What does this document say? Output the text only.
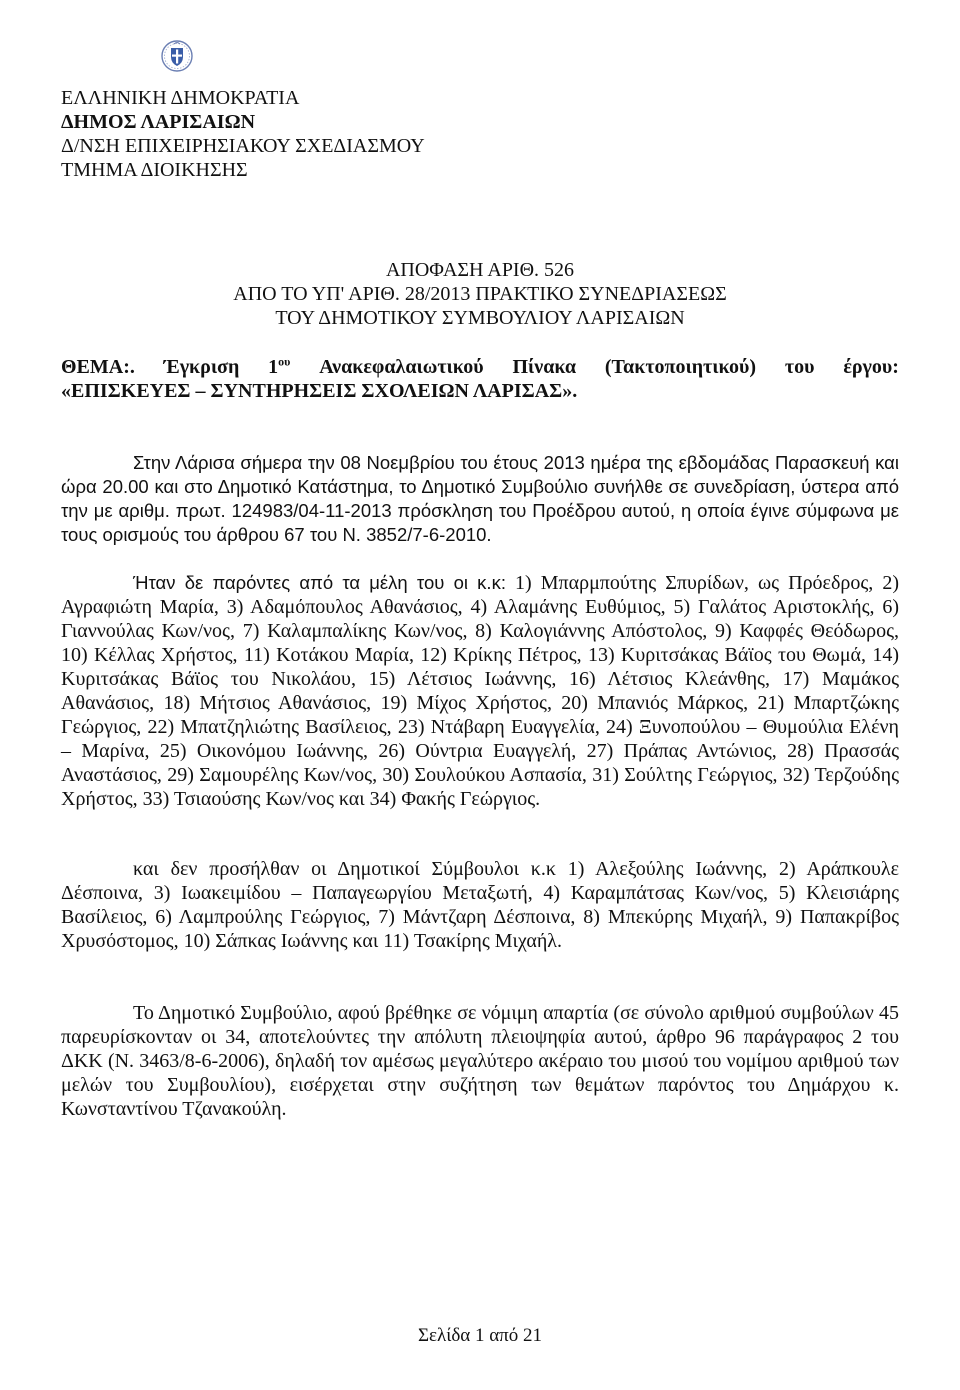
ΕΛΛΗΝΙΚΗ ΔΗΜΟΚΡΑΤΙΑ
ΔΗΜΟΣ ΛΑΡΙΣΑΙΩΝ
Δ/ΝΣΗ ΕΠΙΧΕΙΡΗΣΙΑΚΟΥ ΣΧΕΔΙΑΣΜΟΥ
ΤΜΗΜΑ ΔΙΟΙΚΗΣΗΣ
ΑΠΟΦΑΣΗ ΑΡΙΘ. 526
ΑΠΟ ΤΟ ΥΠ' ΑΡΙΘ. 28/2013 ΠΡΑΚΤΙΚΟ ΣΥΝΕΔΡΙΑΣΕΩΣ
ΤΟΥ ΔΗΜΟΤΙΚΟΥ ΣΥΜΒΟΥΛΙΟΥ ΛΑΡΙΣΑΙΩΝ
ΘΕΜΑ:. Έγκριση $1^{o\upsilon}$ Ανακεφαλαιωτικού Πίνακα (Τακτοποιητικού) του έργου:
«ΕΠΙΣΚΕΥΕΣ – ΣΥΝΤΗΡΗΣΕΙΣ ΣΧΟΛΕΙΩΝ ΛΑΡΙΣΑΣ».

Στην Λάρισα σήμερα την 08 Νοεμβρίου του έτους 2013 ημέρα της εβδομάδας Παρασκευή και ώρα 20.00 και στο Δημοτικό Κατάστημα, το Δημοτικό Συμβούλιο συνήλθε σε συνεδρίαση, ύστερα από την με αριθμ. πρωτ. 124983/04-11-2013 πρόσκληση του Προέδρου αυτού, η οποία έγινε σύμφωνα με τους ορισμούς του άρθρου 67 του Ν. 3852/7-6-2010.

Ήταν δε παρόντες από τα μέλη του οι κ.κ: 1) Μπαρμπούτης Σπυρίδων, ως Πρόεδρος, 2) Αγραφιώτη Μαρία, 3) Αδαμόπουλος Αθανάσιος, 4) Αλαμάνης Ευθύμιος, 5) Γαλάτος Αριστοκλής, 6) Γιαννούλας Κων/νος, 7) Καλαμπαλίκης Κων/νος, 8) Καλογιάννης Απόστολος, 9) Καφφές Θεόδωρος, 10) Κέλλας Χρήστος, 11) Κοτάκου Μαρία, 12) Κρίκης Πέτρος, 13) Κυριτσάκας Βάϊος του Θωμά, 14) Κυριτσάκας Βάϊος του Νικολάου, 15) Λέτσιος Ιωάννης, 16) Λέτσιος Κλεάνθης, 17) Μαμάκος Αθανάσιος, 18) Μήτσιος Αθανάσιος, 19) Μίχος Χρήστος, 20) Μπανιός Μάρκος, 21) Μπαρτζώκης Γεώργιος, 22) Μπατζηλιώτης Βασίλειος, 23) Ντάβαρη Ευαγγελία, 24) Ξυνοπούλου – Θυμούλια Ελένη – Μαρίνα, 25) Οικονόμου Ιωάννης, 26) Ούντρια Ευαγγελή, 27) Πράπας Αντώνιος, 28) Πρασσάς Αναστάσιος, 29) Σαμουρέλης Κων/νος, 30) Σουλούκου Ασπασία, 31) Σούλτης Γεώργιος, 32) Τερζούδης Χρήστος, 33) Τσιαούσης Κων/νος και 34) Φακής Γεώργιος.

και δεν προσήλθαν οι Δημοτικοί Σύμβουλοι κ.κ 1) Αλεξούλης Ιωάννης, 2) Αράπκουλε Δέσποινα, 3) Ιωακειμίδου – Παπαγεωργίου Μεταξωτή, 4) Καραμπάτσας Κων/νος, 5) Κλεισιάρης Βασίλειος, 6) Λαμπρούλης Γεώργιος, 7) Μάντζαρη Δέσποινα, 8) Μπεκύρης Μιχαήλ, 9) Παπακρίβος Χρυσόστομος, 10) Σάπκας Ιωάννης και 11) Τσακίρης Μιχαήλ.

Το Δημοτικό Συμβούλιο, αφού βρέθηκε σε νόμιμη απαρτία (σε σύνολο αριθμού συμβούλων 45 παρευρίσκονταν οι 34, αποτελούντες την απόλυτη πλειοψηφία αυτού, άρθρο 96 παράγραφος 2 του ΔΚΚ (Ν. 3463/8-6-2006), δηλαδή τον αμέσως μεγαλύτερο ακέραιο του μισού του νομίμου αριθμού των μελών του Συμβουλίου), εισέρχεται στην συζήτηση των θεμάτων παρόντος του Δημάρχου κ. Κωνσταντίνου Τζανακούλη.

Σελίδα 1 από 21
